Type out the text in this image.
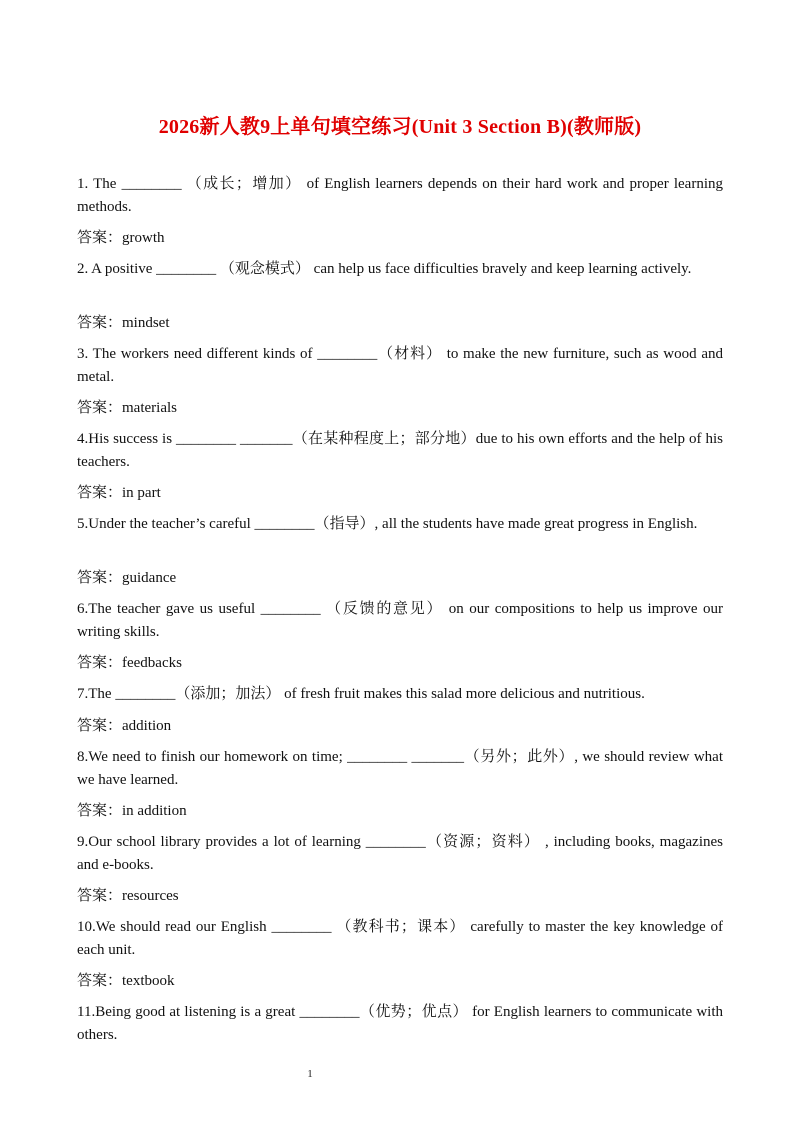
2026新人教9上单句填空练习(Unit 3 Section B)(教师版)
1. The ________ （成长；增加） of English learners depends on their hard work and proper learning methods.
答案：growth
2. A positive ________ （观念模式） can help us face difficulties bravely and keep learning actively.
答案：mindset
3. The workers need different kinds of ________（材料） to make the new furniture, such as wood and metal.
答案：materials
4.His success is ________ _______（在某种程度上；部分地）due to his own efforts and the help of his teachers.
答案：in part
5.Under the teacher’s careful ________（指导）, all the students have made great progress in English.
答案：guidance
6.The teacher gave us useful ________ （反馈的意见） on our compositions to help us improve our writing skills.
答案：feedbacks
7.The ________（添加；加法） of fresh fruit makes this salad more delicious and nutritious.
答案：addition
8.We need to finish our homework on time; ________ _______（另外；此外）, we should review what we have learned.
答案：in addition
9.Our school library provides a lot of learning ________（资源；资料） , including books, magazines and e-books.
答案：resources
10.We should read our English ________ （教科书；课本） carefully to master the key knowledge of each unit.
答案：textbook
11.Being good at listening is a great ________（优势；优点） for English learners to communicate with others.
1
